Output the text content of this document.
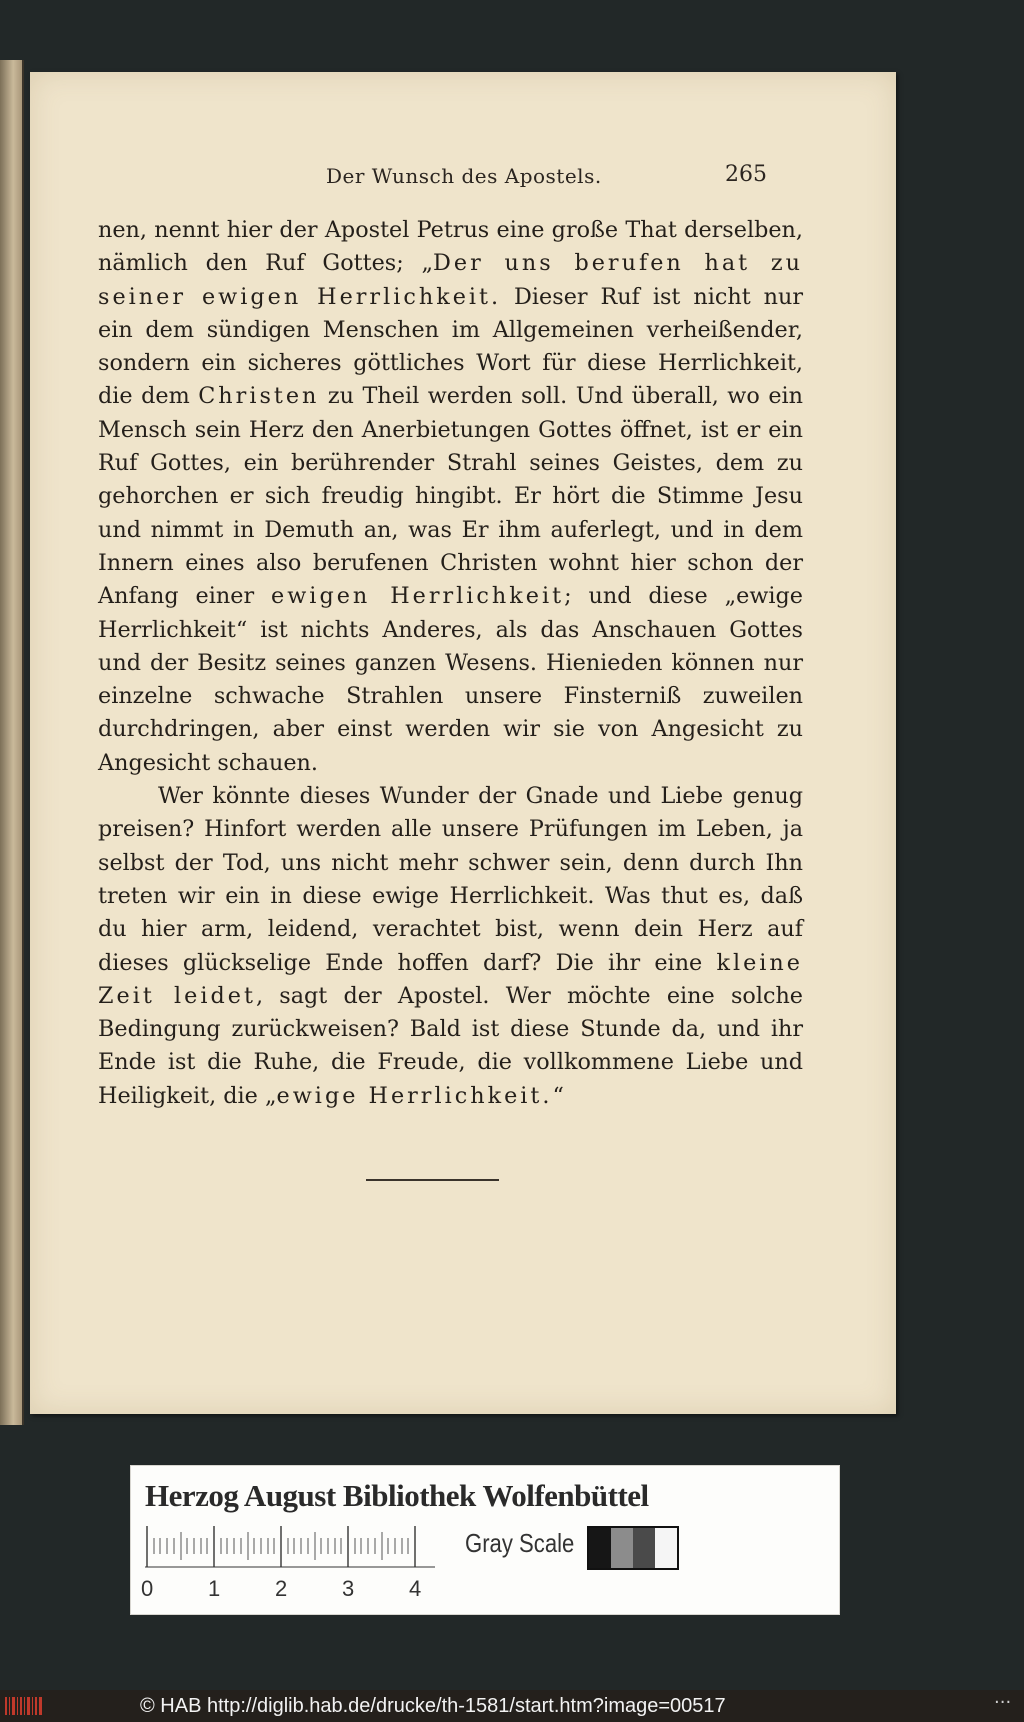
Der Wunsch des Apostels.	265

nen, nennt hier der Apostel Petrus eine große That derselben, nämlich den Ruf Gottes; „Der uns berufen hat zu seiner ewigen Herrlichkeit. Dieser Ruf ist nicht nur ein dem sündigen Menschen im Allgemeinen verheißender, sondern ein sicheres göttliches Wort für diese Herrlichkeit, die dem Christen zu Theil werden soll. Und überall, wo ein Mensch sein Herz den Anerbietungen Gottes öffnet, ist er ein Ruf Gottes, ein berührender Strahl seines Geistes, dem zu gehorchen er sich freudig hingibt. Er hört die Stimme Jesu und nimmt in Demuth an, was Er ihm auferlegt, und in dem Innern eines also berufenen Christen wohnt hier schon der Anfang einer ewigen Herrlichkeit; und diese „ewige Herrlichkeit“ ist nichts Anderes, als das Anschauen Gottes und der Besitz seines ganzen Wesens. Hienieden können nur einzelne schwache Strahlen unsere Finsterniß zuweilen durchdringen, aber einst werden wir sie von Angesicht zu Angesicht schauen.

Wer könnte dieses Wunder der Gnade und Liebe genug preisen? Hinfort werden alle unsere Prüfungen im Leben, ja selbst der Tod, uns nicht mehr schwer sein, denn durch Ihn treten wir ein in diese ewige Herrlichkeit. Was thut es, daß du hier arm, leidend, verachtet bist, wenn dein Herz auf dieses glückselige Ende hoffen darf? Die ihr eine kleine Zeit leidet, sagt der Apostel. Wer möchte eine solche Bedingung zurückweisen? Bald ist diese Stunde da, und ihr Ende ist die Ruhe, die Freude, die vollkommene Liebe und Heiligkeit, die „ewige Herrlichkeit.“

Herzog August Bibliothek Wolfenbüttel
0 1 2 3 4
Gray Scale
© HAB http://diglib.hab.de/drucke/th-1581/start.htm?image=00517	···
